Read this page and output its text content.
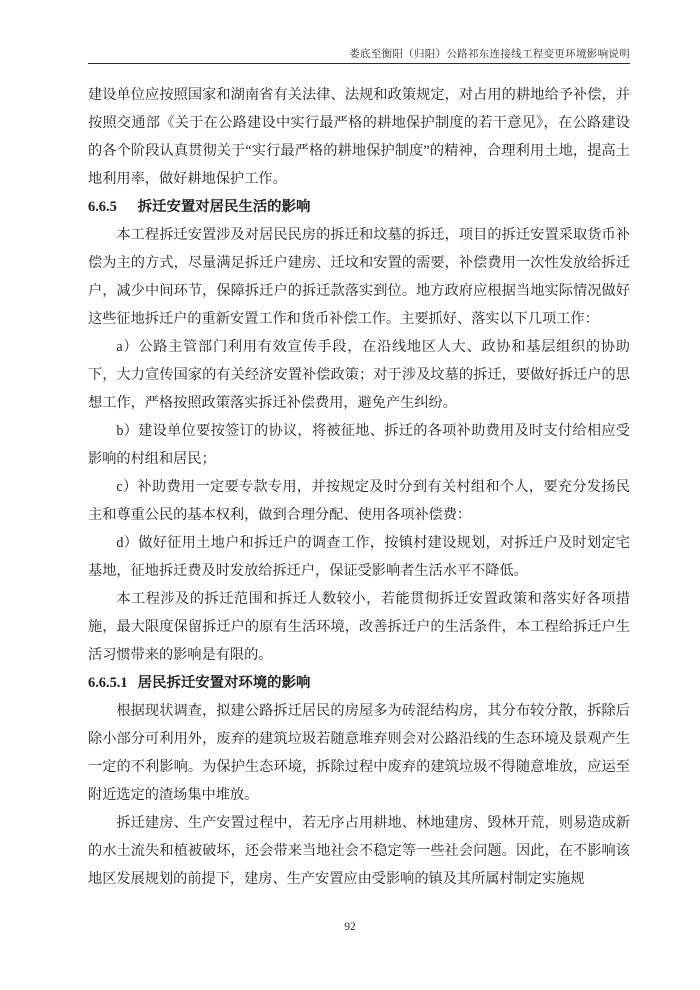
娄底至衡阳（归阳）公路祁东连接线工程变更环境影响说明

建设单位应按照国家和湖南省有关法律、法规和政策规定，对占用的耕地给予补偿，并按照交通部《关于在公路建设中实行最严格的耕地保护制度的若干意见》，在公路建设的各个阶段认真贯彻关于“实行最严格的耕地保护制度”的精神，合理利用土地，提高土地利用率，做好耕地保护工作。

6.6.5 拆迁安置对居民生活的影响

本工程拆迁安置涉及对居民民房的拆迁和坟墓的拆迁，项目的拆迁安置采取货币补偿为主的方式，尽量满足拆迁户建房、迁坟和安置的需要，补偿费用一次性发放给拆迁户，减少中间环节，保障拆迁户的拆迁款落实到位。地方政府应根据当地实际情况做好这些征地拆迁户的重新安置工作和货币补偿工作。主要抓好、落实以下几项工作：

a）公路主管部门利用有效宣传手段，在沿线地区人大、政协和基层组织的协助下，大力宣传国家的有关经济安置补偿政策；对于涉及坟墓的拆迁，要做好拆迁户的思想工作，严格按照政策落实拆迁补偿费用，避免产生纠纷。

b）建设单位要按签订的协议，将被征地、拆迁的各项补助费用及时支付给相应受影响的村组和居民；

c）补助费用一定要专款专用，并按规定及时分到有关村组和个人，要充分发扬民主和尊重公民的基本权利，做到合理分配、使用各项补偿费：

d）做好征用土地户和拆迁户的调查工作，按镇村建设规划，对拆迁户及时划定宅基地，征地拆迁费及时发放给拆迁户，保证受影响者生活水平不降低。

本工程涉及的拆迁范围和拆迁人数较小，若能贯彻拆迁安置政策和落实好各项措施，最大限度保留拆迁户的原有生活环境，改善拆迁户的生活条件，本工程给拆迁户生活习惯带来的影响是有限的。

6.6.5.1 居民拆迁安置对环境的影响

根据现状调查，拟建公路拆迁居民的房屋多为砖混结构房，其分布较分散，拆除后除小部分可利用外，废弃的建筑垃圾若随意堆弃则会对公路沿线的生态环境及景观产生一定的不利影响。为保护生态环境，拆除过程中废弃的建筑垃圾不得随意堆放，应运至附近选定的渣场集中堆放。

拆迁建房、生产安置过程中，若无序占用耕地、林地建房、毁林开荒，则易造成新的水土流失和植被破坏，还会带来当地社会不稳定等一些社会问题。因此，在不影响该地区发展规划的前提下，建房、生产安置应由受影响的镇及其所属村制定实施规

92
